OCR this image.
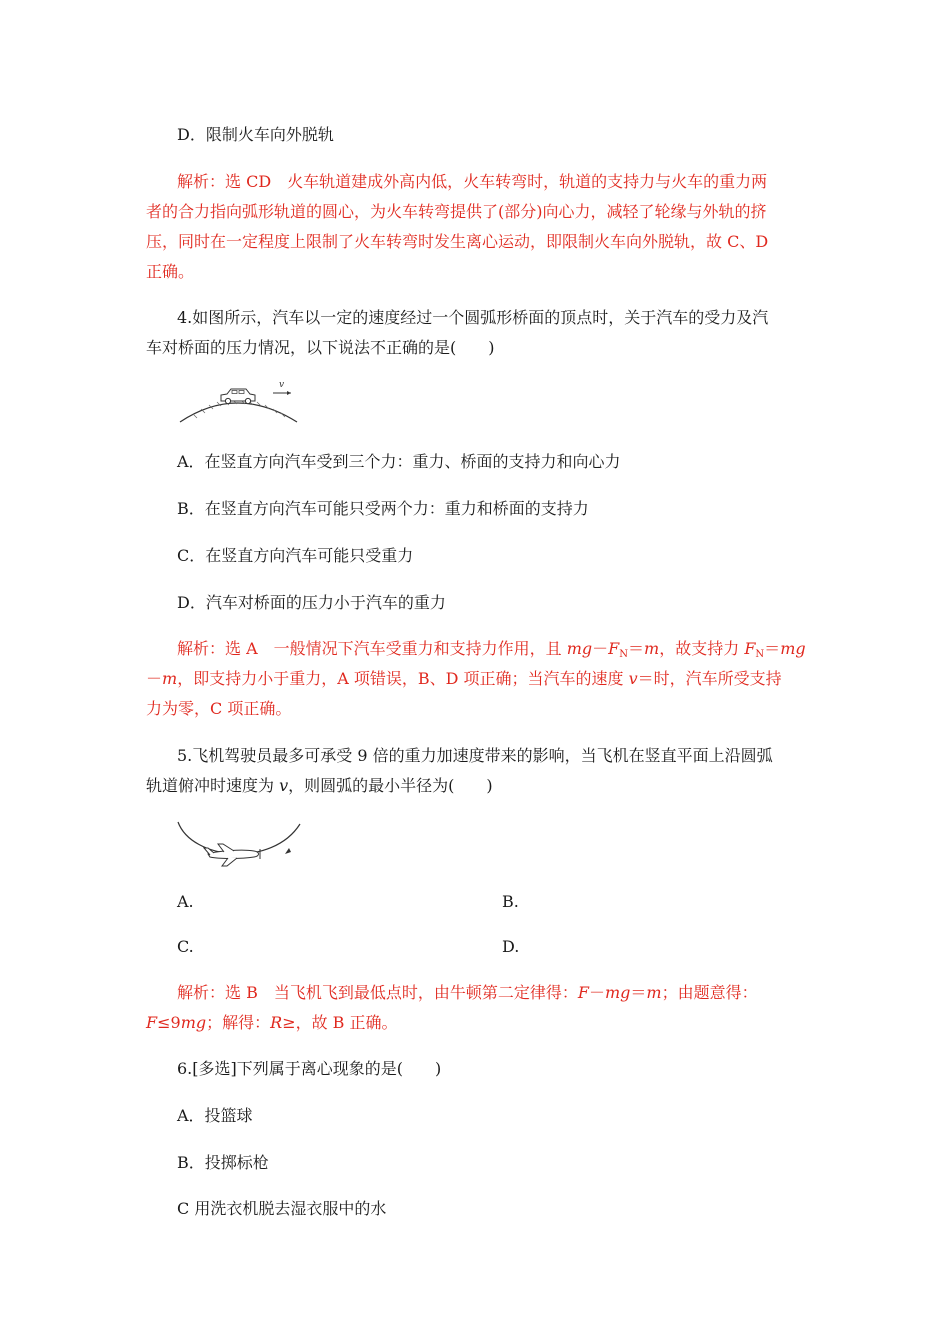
D．限制火车向外脱轨
解析：选 CD　火车轨道建成外高内低，火车转弯时，轨道的支持力与火车的重力两
者的合力指向弧形轨道的圆心，为火车转弯提供了(部分)向心力，减轻了轮缘与外轨的挤
压，同时在一定程度上限制了火车转弯时发生离心运动，即限制火车向外脱轨，故 C、D
正确。
4.如图所示，汽车以一定的速度经过一个圆弧形桥面的顶点时，关于汽车的受力及汽
车对桥面的压力情况，以下说法不正确的是(　　)
v
A．在竖直方向汽车受到三个力：重力、桥面的支持力和向心力
B．在竖直方向汽车可能只受两个力：重力和桥面的支持力
C．在竖直方向汽车可能只受重力
D．汽车对桥面的压力小于汽车的重力
解析：选 A　一般情况下汽车受重力和支持力作用，且 $mg-F_N=m$，故支持力 $F_N=mg$
－m，即支持力小于重力，A 项错误，B、D 项正确；当汽车的速度 v＝时，汽车所受支持
力为零，C 项正确。
5.飞机驾驶员最多可承受 9 倍的重力加速度带来的影响，当飞机在竖直平面上沿圆弧
轨道俯冲时速度为 v，则圆弧的最小半径为(　　)
A.	B.
C.	D.
解析：选 B　当飞机飞到最低点时，由牛顿第二定律得：F－mg＝m；由题意得：
F≤9mg；解得：R≥，故 B 正确。
6.[多选]下列属于离心现象的是(　　)
A．投篮球
B．投掷标枪
C 用洗衣机脱去湿衣服中的水
